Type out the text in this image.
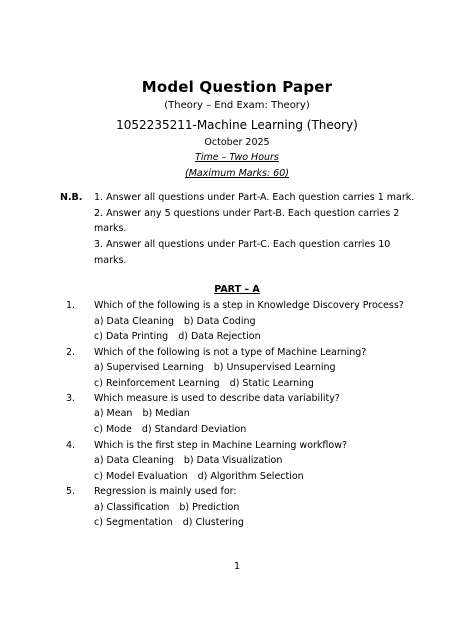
Model Question Paper
(Theory – End Exam: Theory)
1052235211-Machine Learning (Theory)
October 2025
Time – Two Hours
(Maximum Marks: 60)
N.B. 1. Answer all questions under Part-A. Each question carries 1 mark.
2. Answer any 5 questions under Part-B. Each question carries 2
marks.
3. Answer all questions under Part-C. Each question carries 10
marks.
PART – A
1. Which of the following is a step in Knowledge Discovery Process?
a) Data Cleaning b) Data Coding
c) Data Printing d) Data Rejection
2. Which of the following is not a type of Machine Learning?
a) Supervised Learning b) Unsupervised Learning
c) Reinforcement Learning d) Static Learning
3. Which measure is used to describe data variability?
a) Mean b) Median
c) Mode d) Standard Deviation
4. Which is the first step in Machine Learning workflow?
a) Data Cleaning b) Data Visualization
c) Model Evaluation d) Algorithm Selection
5. Regression is mainly used for:
a) Classification b) Prediction
c) Segmentation d) Clustering
1
